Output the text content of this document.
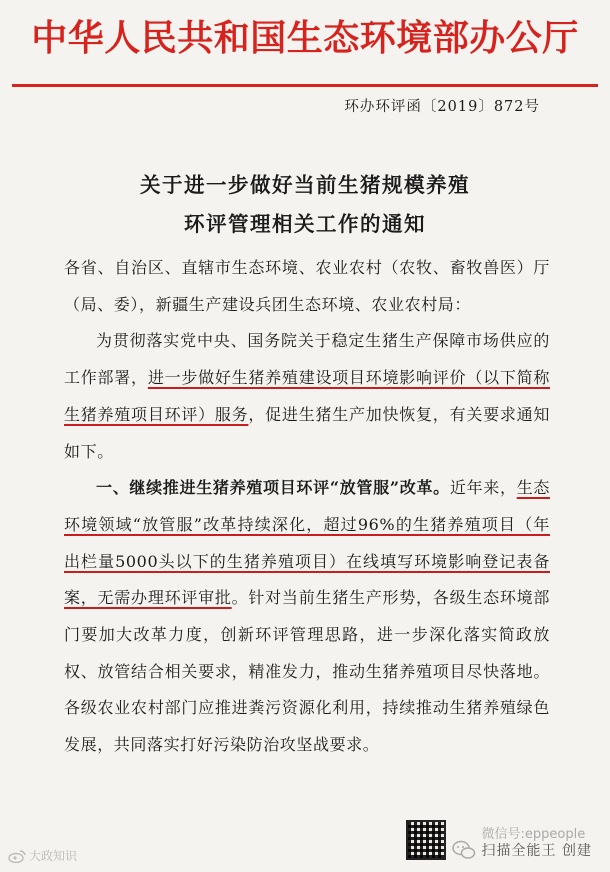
中华人民共和国生态环境部办公厅
环办环评函〔2019〕872号
关于进一步做好当前生猪规模养殖
环评管理相关工作的通知

各省、自治区、直辖市生态环境、农业农村（农牧、畜牧兽医）厅（局、委），新疆生产建设兵团生态环境、农业农村局：

为贯彻落实党中央、国务院关于稳定生猪生产保障市场供应的工作部署，进一步做好生猪养殖建设项目环境影响评价（以下简称生猪养殖项目环评）服务，促进生猪生产加快恢复，有关要求通知如下。

一、继续推进生猪养殖项目环评“放管服”改革。近年来，生态环境领域“放管服”改革持续深化，超过96%的生猪养殖项目（年出栏量5000头以下的生猪养殖项目）在线填写环境影响登记表备案，无需办理环评审批。针对当前生猪生产形势，各级生态环境部门要加大改革力度，创新环评管理思路，进一步深化落实简政放权、放管结合相关要求，精准发力，推动生猪养殖项目尽快落地。各级农业农村部门应推进粪污资源化利用，持续推动生猪养殖绿色发展，共同落实打好污染防治攻坚战要求。

大政知识
微信号:eppeople
扫描全能王 创建
